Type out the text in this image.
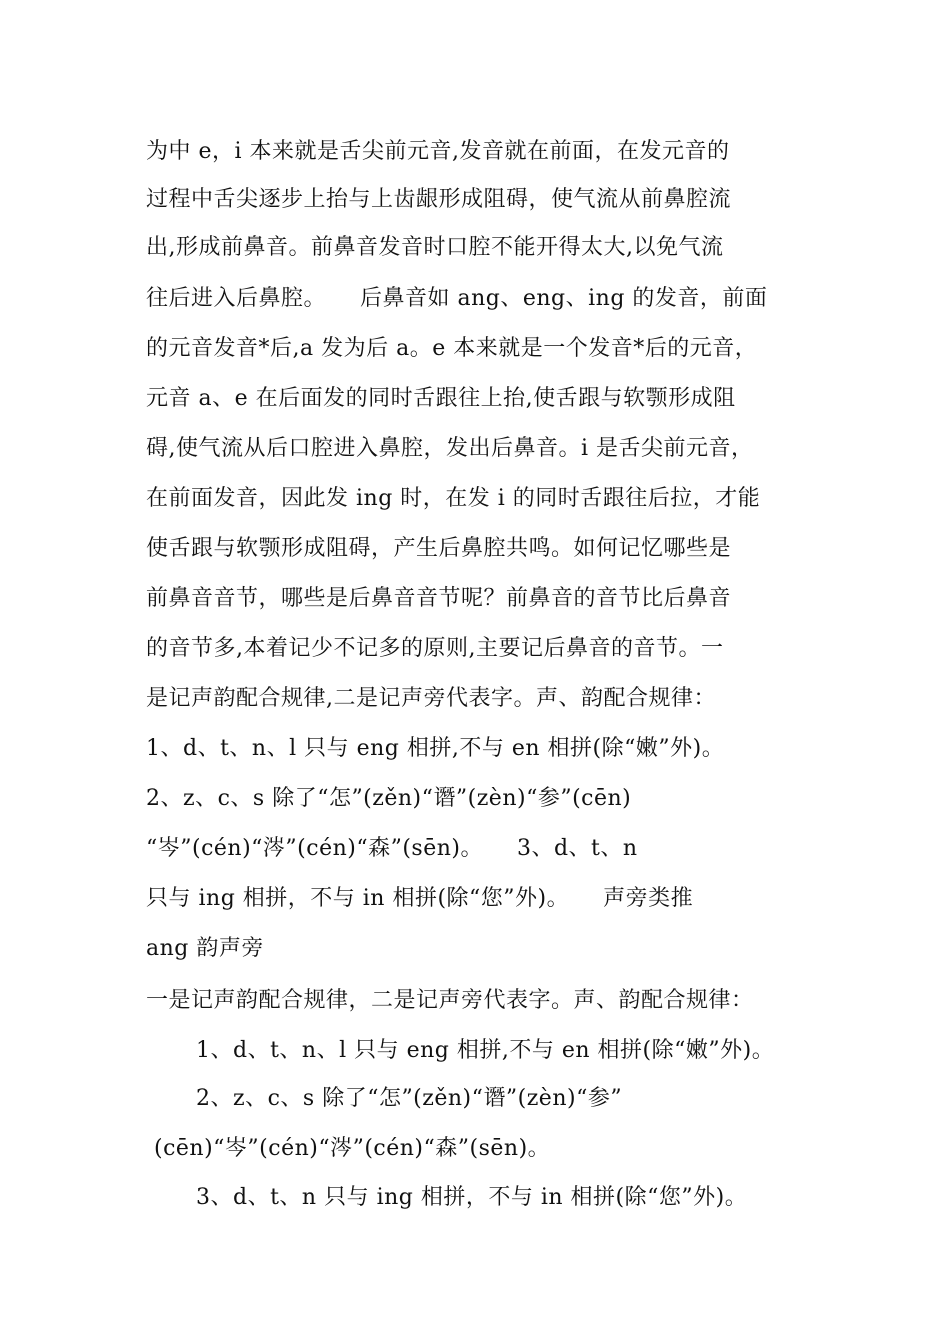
为中 e，i 本来就是舌尖前元音,发音就在前面，在发元音的
过程中舌尖逐步上抬与上齿龈形成阻碍，使气流从前鼻腔流
出,形成前鼻音。前鼻音发音时口腔不能开得太大,以免气流
往后进入后鼻腔。　　后鼻音如 ang、eng、ing 的发音，前面
的元音发音*后,a 发为后 a。e 本来就是一个发音*后的元音，
元音 a、e 在后面发的同时舌跟往上抬,使舌跟与软颚形成阻
碍,使气流从后口腔进入鼻腔，发出后鼻音。i 是舌尖前元音，
在前面发音，因此发 ing 时，在发 i 的同时舌跟往后拉，才能
使舌跟与软颚形成阻碍，产生后鼻腔共鸣。如何记忆哪些是
前鼻音音节，哪些是后鼻音音节呢？前鼻音的音节比后鼻音
的音节多,本着记少不记多的原则,主要记后鼻音的音节。一
是记声韵配合规律,二是记声旁代表字。声、韵配合规律：
1、d、t、n、l 只与 eng 相拼,不与 en 相拼(除“嫩”外)。
2、z、c、s 除了“怎”(zěn)“谮”(zèn)“参”(cēn)
“岑”(cén)“涔”(cén)“森”(sēn)。　　3、d、t、n
只与 ing 相拼，不与 in 相拼(除“您”外)。　　声旁类推
ang 韵声旁
一是记声韵配合规律，二是记声旁代表字。声、韵配合规律：
1、d、t、n、l 只与 eng 相拼,不与 en 相拼(除“嫩”外)。
2、z、c、s 除了“怎”(zěn)“谮”(zèn)“参”
(cēn)“岑”(cén)“涔”(cén)“森”(sēn)。
3、d、t、n 只与 ing 相拼，不与 in 相拼(除“您”外)。
